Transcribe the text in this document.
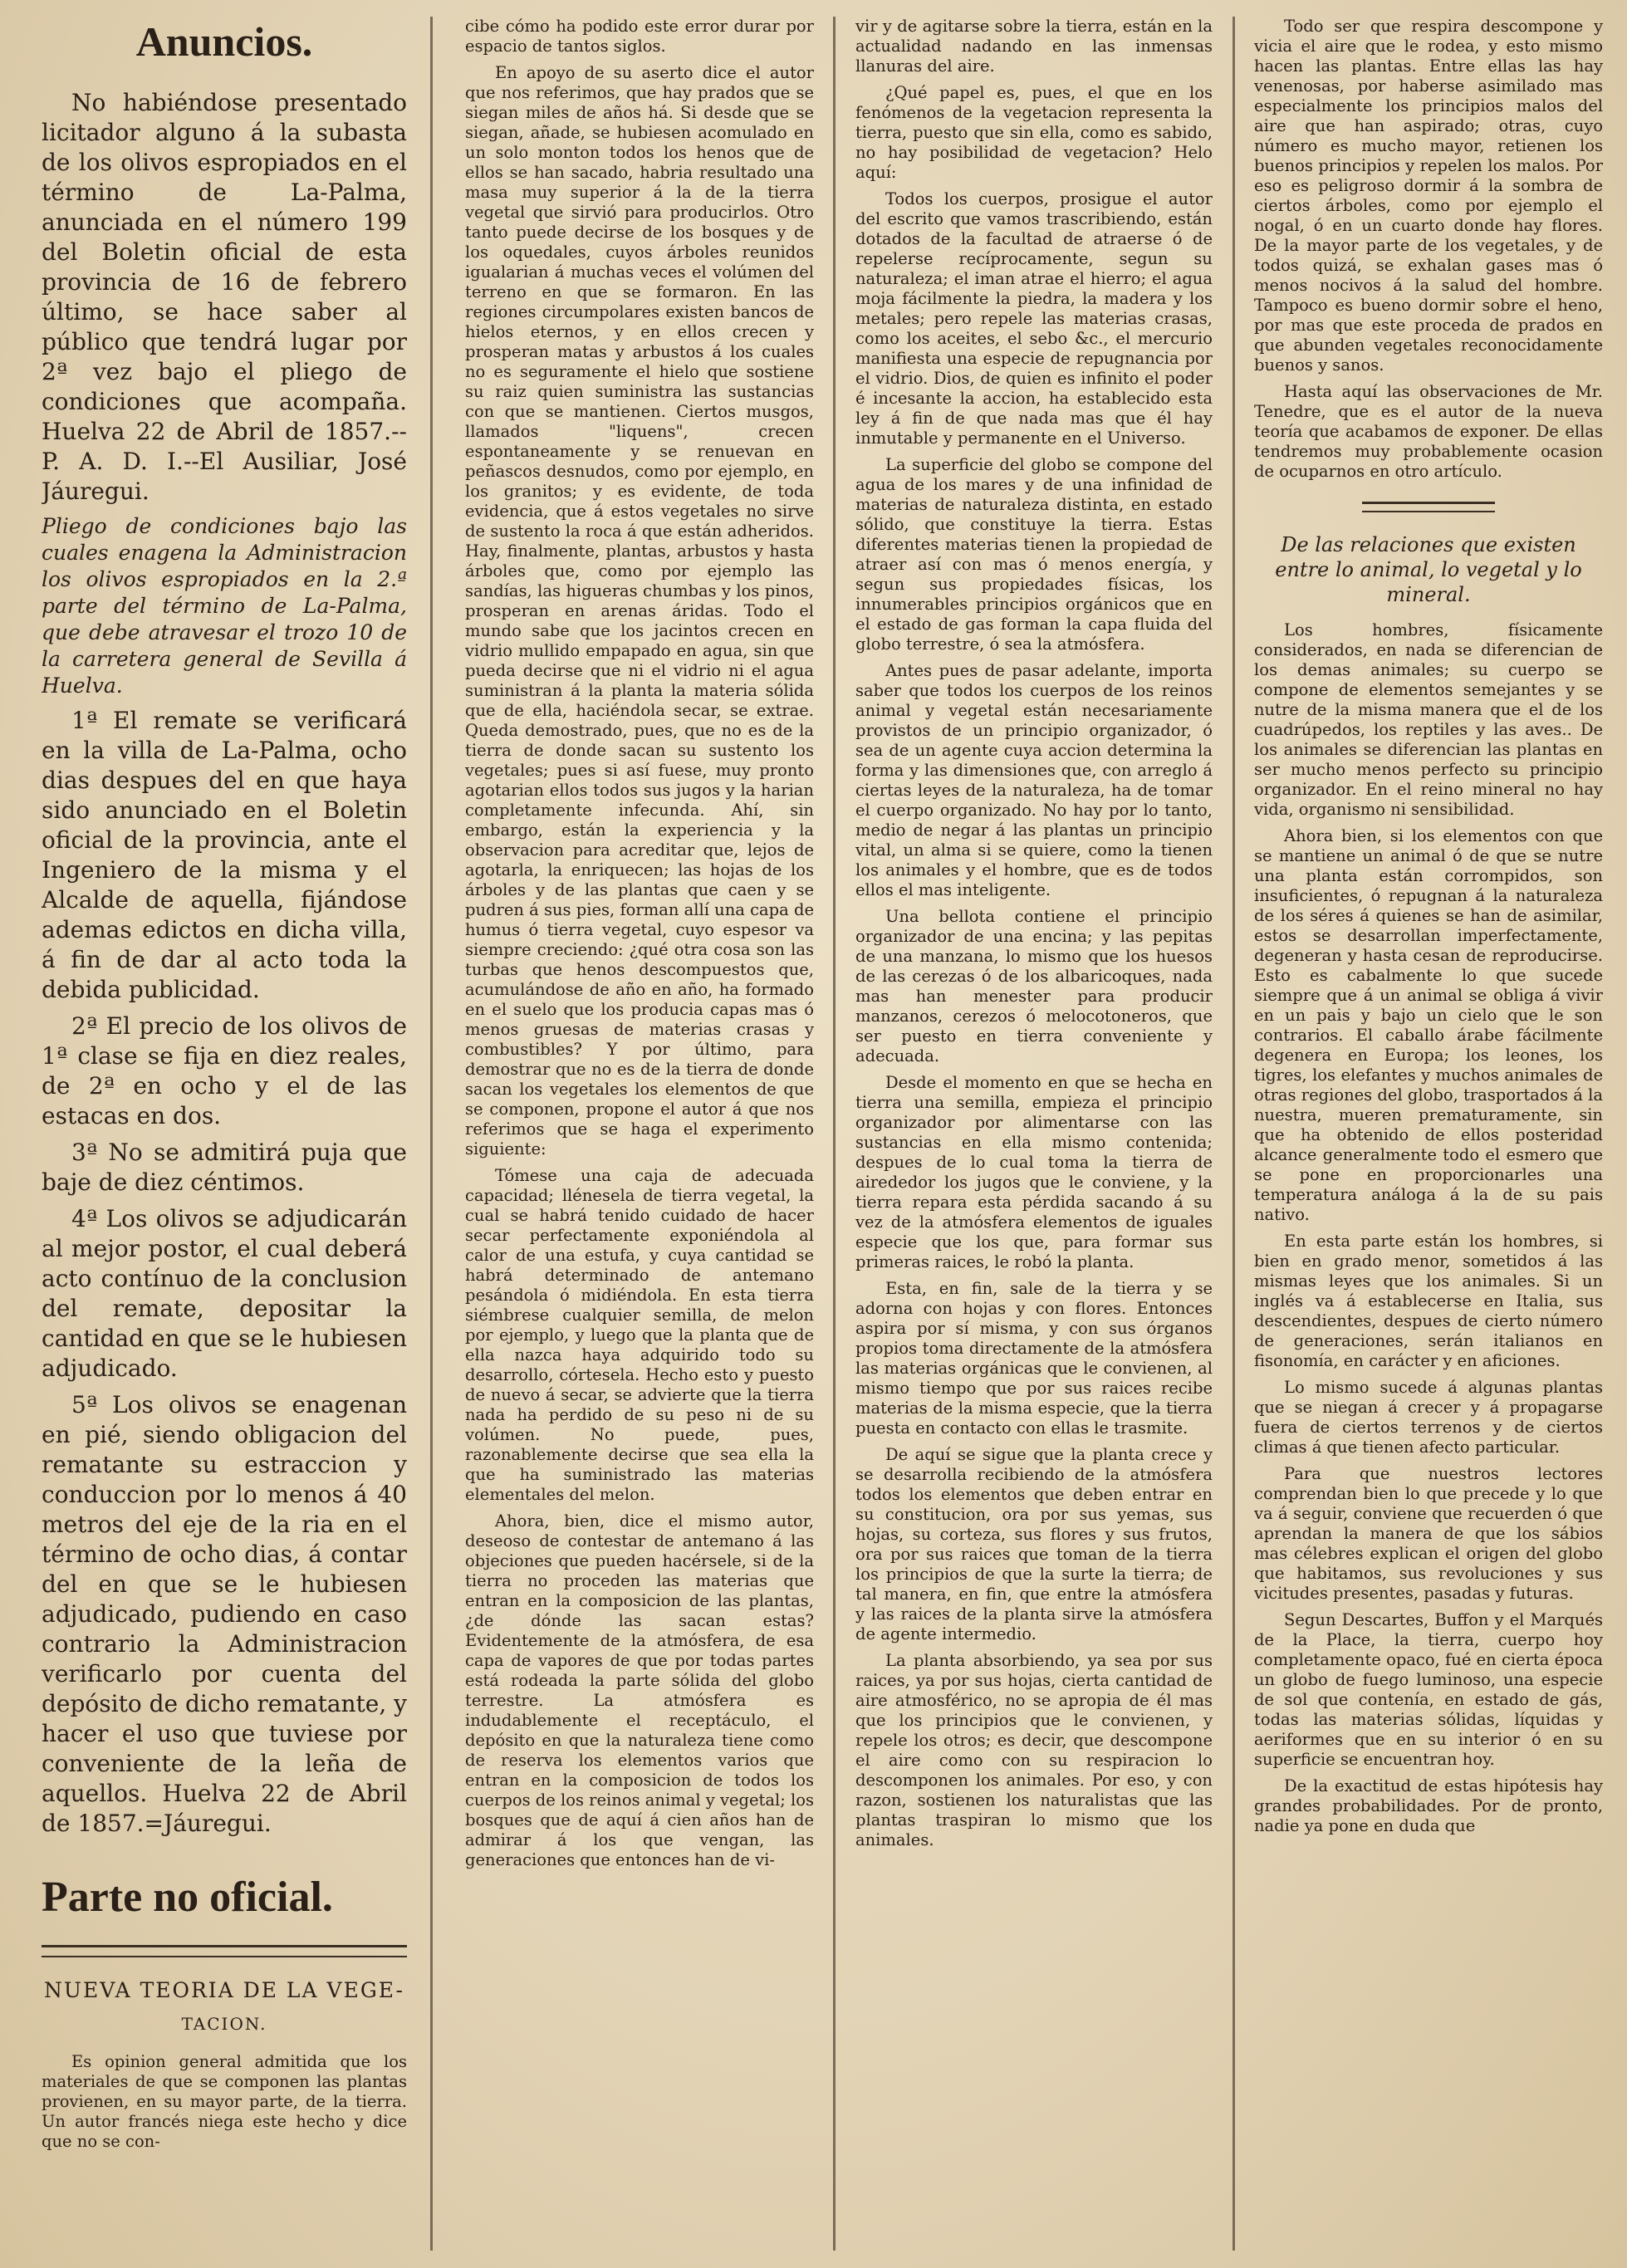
Anuncios.

No habiéndose presentado licitador alguno á la subasta de los olivos espropiados en el término de La-Palma, anunciada en el número 199 del Boletin oficial de esta provincia de 16 de febrero último, se hace saber al público que tendrá lugar por 2ª vez bajo el pliego de condiciones que acompaña. Huelva 22 de Abril de 1857.-- P. A. D. I.--El Ausiliar, José Jáuregui.

Pliego de condiciones bajo las cuales enagena la Administracion los olivos espropiados en la 2.ª parte del término de La-Palma, que debe atravesar el trozo 10 de la carretera general de Sevilla á Huelva.

1ª El remate se verificará en la villa de La-Palma, ocho dias despues del en que haya sido anunciado en el Boletin oficial de la provincia, ante el Ingeniero de la misma y el Alcalde de aquella, fijándose ademas edictos en dicha villa, á fin de dar al acto toda la debida publicidad.

2ª El precio de los olivos de 1ª clase se fija en diez reales, de 2ª en ocho y el de las estacas en dos.

3ª No se admitirá puja que baje de diez céntimos.

4ª Los olivos se adjudicarán al mejor postor, el cual deberá acto contínuo de la conclusion del remate, depositar la cantidad en que se le hubiesen adjudicado.

5ª Los olivos se enagenan en pié, siendo obligacion del rematante su estraccion y conduccion por lo menos á 40 metros del eje de la ria en el término de ocho dias, á contar del en que se le hubiesen adjudicado, pudiendo en caso contrario la Administracion verificarlo por cuenta del depósito de dicho rematante, y hacer el uso que tuviese por conveniente de la leña de aquellos. Huelva 22 de Abril de 1857.=Jáuregui.

Parte no oficial.
NUEVA TEORIA DE LA VEGE-
TACION.

Es opinion general admitida que los materiales de que se componen las plantas provienen, en su mayor parte, de la tierra. Un autor francés niega este hecho y dice que no se con-

cibe cómo ha podido este error durar por espacio de tantos siglos.

En apoyo de su aserto dice el autor que nos referimos, que hay prados que se siegan miles de años há. Si desde que se siegan, añade, se hubiesen acomulado en un solo monton todos los henos que de ellos se han sacado, habria resultado una masa muy superior á la de la tierra vegetal que sirvió para producirlos. Otro tanto puede decirse de los bosques y de los oquedales, cuyos árboles reunidos igualarian á muchas veces el volúmen del terreno en que se formaron. En las regiones circumpolares existen bancos de hielos eternos, y en ellos crecen y prosperan matas y arbustos á los cuales no es seguramente el hielo que sostiene su raiz quien suministra las sustancias con que se mantienen. Ciertos musgos, llamados "liquens", crecen espontaneamente y se renuevan en peñascos desnudos, como por ejemplo, en los granitos; y es evidente, de toda evidencia, que á estos vegetales no sirve de sustento la roca á que están adheridos. Hay, finalmente, plantas, arbustos y hasta árboles que, como por ejemplo las sandías, las higueras chumbas y los pinos, prosperan en arenas áridas. Todo el mundo sabe que los jacintos crecen en vidrio mullido empapado en agua, sin que pueda decirse que ni el vidrio ni el agua suministran á la planta la materia sólida que de ella, haciéndola secar, se extrae. Queda demostrado, pues, que no es de la tierra de donde sacan su sustento los vegetales; pues si así fuese, muy pronto agotarian ellos todos sus jugos y la harian completamente infecunda. Ahí, sin embargo, están la experiencia y la observacion para acreditar que, lejos de agotarla, la enriquecen; las hojas de los árboles y de las plantas que caen y se pudren á sus pies, forman allí una capa de humus ó tierra vegetal, cuyo espesor va siempre creciendo: ¿qué otra cosa son las turbas que henos descompuestos que, acumulándose de año en año, ha formado en el suelo que los producia capas mas ó menos gruesas de materias crasas y combustibles? Y por último, para demostrar que no es de la tierra de donde sacan los vegetales los elementos de que se componen, propone el autor á que nos referimos que se haga el experimento siguiente:

Tómese una caja de adecuada capacidad; llénesela de tierra vegetal, la cual se habrá tenido cuidado de hacer secar perfectamente exponiéndola al calor de una estufa, y cuya cantidad se habrá determinado de antemano pesándola ó midiéndola. En esta tierra siémbrese cualquier semilla, de melon por ejemplo, y luego que la planta que de ella nazca haya adquirido todo su desarrollo, córtesela. Hecho esto y puesto de nuevo á secar, se advierte que la tierra nada ha perdido de su peso ni de su volúmen. No puede, pues, razonablemente decirse que sea ella la que ha suministrado las materias elementales del melon.

Ahora, bien, dice el mismo autor, deseoso de contestar de antemano á las objeciones que pueden hacérsele, si de la tierra no proceden las materias que entran en la composicion de las plantas, ¿de dónde las sacan estas? Evidentemente de la atmósfera, de esa capa de vapores de que por todas partes está rodeada la parte sólida del globo terrestre. La atmósfera es indudablemente el receptáculo, el depósito en que la naturaleza tiene como de reserva los elementos varios que entran en la composicion de todos los cuerpos de los reinos animal y vegetal; los bosques que de aquí á cien años han de admirar á los que vengan, las generaciones que entonces han de vi-

vir y de agitarse sobre la tierra, están en la actualidad nadando en las inmensas llanuras del aire.

¿Qué papel es, pues, el que en los fenómenos de la vegetacion representa la tierra, puesto que sin ella, como es sabido, no hay posibilidad de vegetacion? Helo aquí:

Todos los cuerpos, prosigue el autor del escrito que vamos trascribiendo, están dotados de la facultad de atraerse ó de repelerse recíprocamente, segun su naturaleza; el iman atrae el hierro; el agua moja fácilmente la piedra, la madera y los metales; pero repele las materias crasas, como los aceites, el sebo &c., el mercurio manifiesta una especie de repugnancia por el vidrio. Dios, de quien es infinito el poder é incesante la accion, ha establecido esta ley á fin de que nada mas que él hay inmutable y permanente en el Universo.

La superficie del globo se compone del agua de los mares y de una infinidad de materias de naturaleza distinta, en estado sólido, que constituye la tierra. Estas diferentes materias tienen la propiedad de atraer así con mas ó menos energía, y segun sus propiedades físicas, los innumerables principios orgánicos que en el estado de gas forman la capa fluida del globo terrestre, ó sea la atmósfera.

Antes pues de pasar adelante, importa saber que todos los cuerpos de los reinos animal y vegetal están necesariamente provistos de un principio organizador, ó sea de un agente cuya accion determina la forma y las dimensiones que, con arreglo á ciertas leyes de la naturaleza, ha de tomar el cuerpo organizado. No hay por lo tanto, medio de negar á las plantas un principio vital, un alma si se quiere, como la tienen los animales y el hombre, que es de todos ellos el mas inteligente.

Una bellota contiene el principio organizador de una encina; y las pepitas de una manzana, lo mismo que los huesos de las cerezas ó de los albaricoques, nada mas han menester para producir manzanos, cerezos ó melocotoneros, que ser puesto en tierra conveniente y adecuada.

Desde el momento en que se hecha en tierra una semilla, empieza el principio organizador por alimentarse con las sustancias en ella mismo contenida; despues de lo cual toma la tierra de airededor los jugos que le conviene, y la tierra repara esta pérdida sacando á su vez de la atmósfera elementos de iguales especie que los que, para formar sus primeras raices, le robó la planta.

Esta, en fin, sale de la tierra y se adorna con hojas y con flores. Entonces aspira por sí misma, y con sus órganos propios toma directamente de la atmósfera las materias orgánicas que le convienen, al mismo tiempo que por sus raices recibe materias de la misma especie, que la tierra puesta en contacto con ellas le trasmite.

De aquí se sigue que la planta crece y se desarrolla recibiendo de la atmósfera todos los elementos que deben entrar en su constitucion, ora por sus yemas, sus hojas, su corteza, sus flores y sus frutos, ora por sus raices que toman de la tierra los principios de que la surte la tierra; de tal manera, en fin, que entre la atmósfera y las raices de la planta sirve la atmósfera de agente intermedio.

La planta absorbiendo, ya sea por sus raices, ya por sus hojas, cierta cantidad de aire atmosférico, no se apropia de él mas que los principios que le convienen, y repele los otros; es decir, que descompone el aire como con su respiracion lo descomponen los animales. Por eso, y con razon, sostienen los naturalistas que las plantas traspiran lo mismo que los animales.

Todo ser que respira descompone y vicia el aire que le rodea, y esto mismo hacen las plantas. Entre ellas las hay venenosas, por haberse asimilado mas especialmente los principios malos del aire que han aspirado; otras, cuyo número es mucho mayor, retienen los buenos principios y repelen los malos. Por eso es peligroso dormir á la sombra de ciertos árboles, como por ejemplo el nogal, ó en un cuarto donde hay flores. De la mayor parte de los vegetales, y de todos quizá, se exhalan gases mas ó menos nocivos á la salud del hombre. Tampoco es bueno dormir sobre el heno, por mas que este proceda de prados en que abunden vegetales reconocidamente buenos y sanos.

Hasta aquí las observaciones de Mr. Tenedre, que es el autor de la nueva teoría que acabamos de exponer. De ellas tendremos muy probablemente ocasion de ocuparnos en otro artículo.

De las relaciones que existen entre lo animal, lo vegetal y lo mineral.

Los hombres, físicamente considerados, en nada se diferencian de los demas animales; su cuerpo se compone de elementos semejantes y se nutre de la misma manera que el de los cuadrúpedos, los reptiles y las aves.. De los animales se diferencian las plantas en ser mucho menos perfecto su principio organizador. En el reino mineral no hay vida, organismo ni sensibilidad.

Ahora bien, si los elementos con que se mantiene un animal ó de que se nutre una planta están corrompidos, son insuficientes, ó repugnan á la naturaleza de los séres á quienes se han de asimilar, estos se desarrollan imperfectamente, degeneran y hasta cesan de reproducirse. Esto es cabalmente lo que sucede siempre que á un animal se obliga á vivir en un pais y bajo un cielo que le son contrarios. El caballo árabe fácilmente degenera en Europa; los leones, los tigres, los elefantes y muchos animales de otras regiones del globo, trasportados á la nuestra, mueren prematuramente, sin que ha obtenido de ellos posteridad alcance generalmente todo el esmero que se pone en proporcionarles una temperatura análoga á la de su pais nativo.

En esta parte están los hombres, si bien en grado menor, sometidos á las mismas leyes que los animales. Si un inglés va á establecerse en Italia, sus descendientes, despues de cierto número de generaciones, serán italianos en fisonomía, en carácter y en aficiones.

Lo mismo sucede á algunas plantas que se niegan á crecer y á propagarse fuera de ciertos terrenos y de ciertos climas á que tienen afecto particular.

Para que nuestros lectores comprendan bien lo que precede y lo que va á seguir, conviene que recuerden ó que aprendan la manera de que los sábios mas célebres explican el origen del globo que habitamos, sus revoluciones y sus vicitudes presentes, pasadas y futuras.

Segun Descartes, Buffon y el Marqués de la Place, la tierra, cuerpo hoy completamente opaco, fué en cierta época un globo de fuego luminoso, una especie de sol que contenía, en estado de gás, todas las materias sólidas, líquidas y aeriformes que en su interior ó en su superficie se encuentran hoy.

De la exactitud de estas hipótesis hay grandes probabilidades. Por de pronto, nadie ya pone en duda que
